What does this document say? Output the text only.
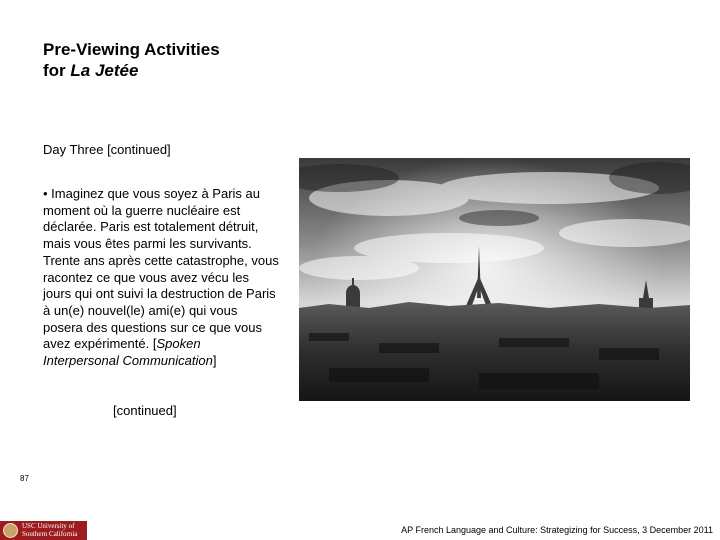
Pre-Viewing Activities
for La Jetée
Day Three [continued]
• Imaginez que vous soyez à Paris au moment où la guerre nucléaire est déclarée. Paris est totalement détruit, mais vous êtes parmi les survivants. Trente ans après cette catastrophe, vous racontez ce que vous avez vécu les jours qui ont suivi la destruction de Paris à un(e) nouvel(le) ami(e) qui vous posera des questions sur ce que vous avez expérimenté. [Spoken Interpersonal Communication]
[continued]
87
USC University of
Southern California	AP French Language and Culture: Strategizing for Success, 3 December 2011
